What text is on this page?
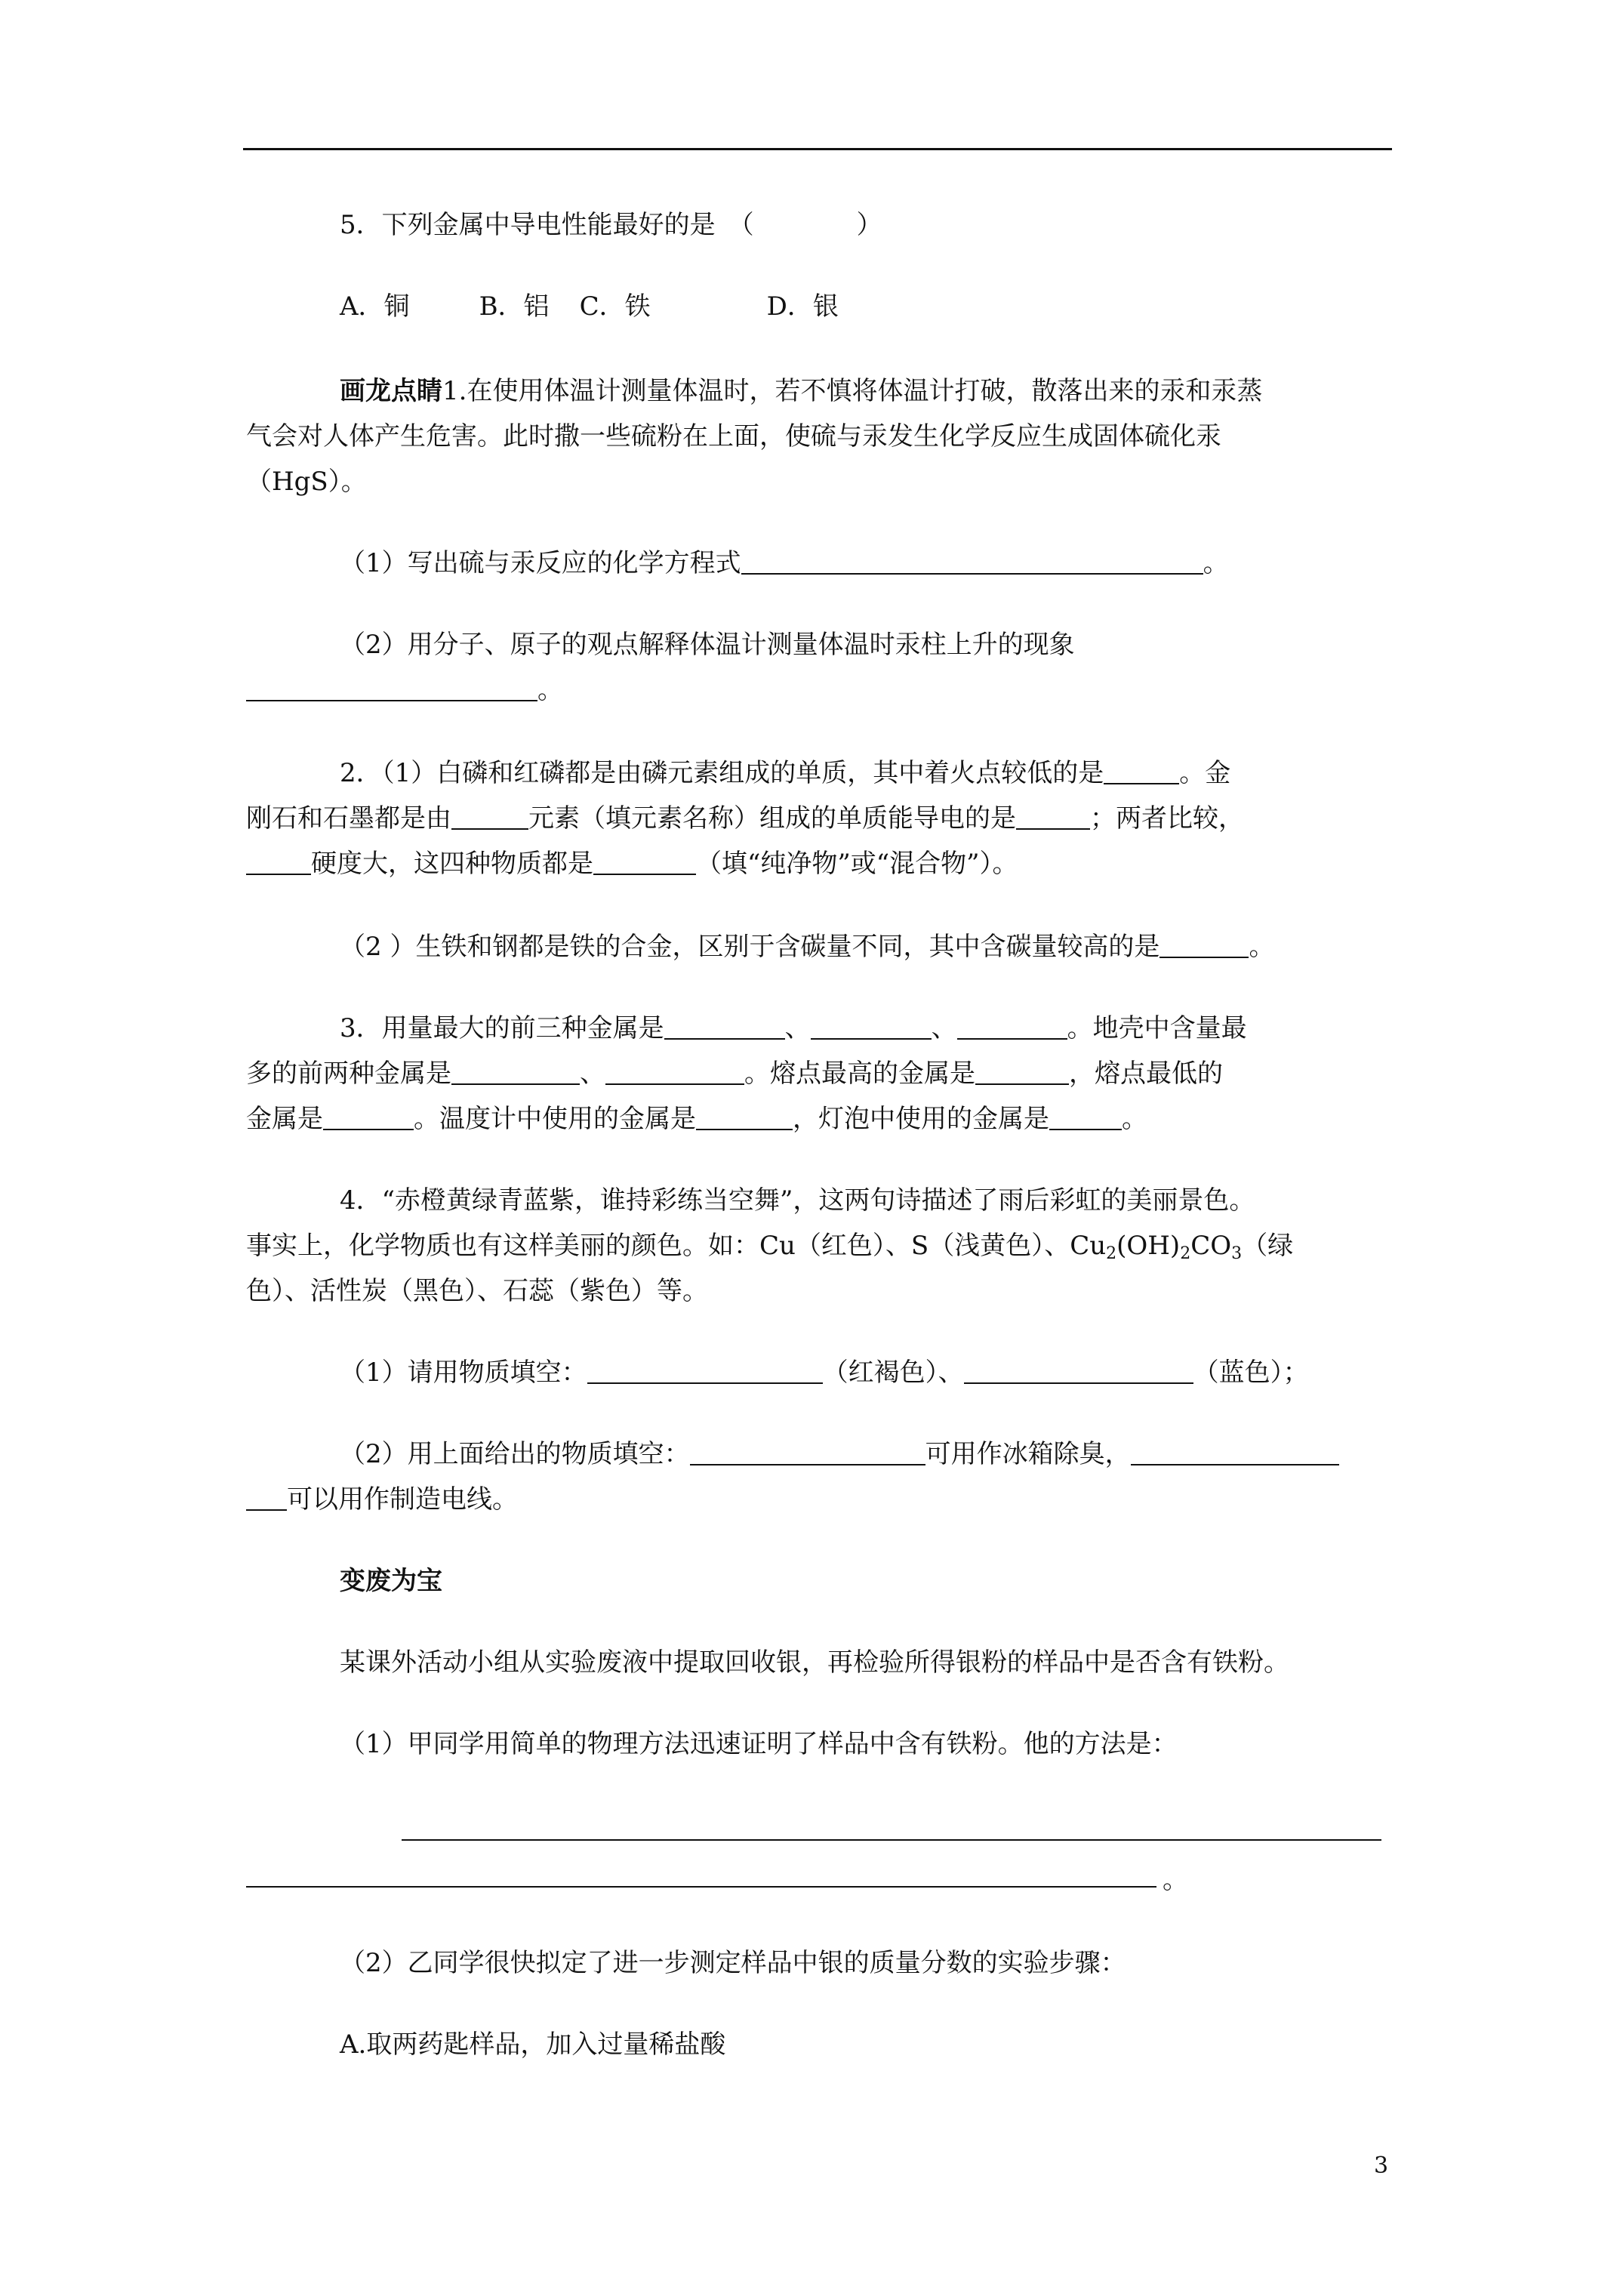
5．下列金属中导电性能最好的是　（　　　　）
A．铜	B．铝 C．铁	D．银
画龙点睛1.在使用体温计测量体温时，若不慎将体温计打破，散落出来的汞和汞蒸
气会对人体产生危害。此时撒一些硫粉在上面，使硫与汞发生化学反应生成固体硫化汞
（HgS）。
（1）写出硫与汞反应的化学方程式	。
（2）用分子、原子的观点解释体温计测量体温时汞柱上升的现象
。
2．（1）白磷和红磷都是由磷元素组成的单质，其中着火点较低的是	。金
刚石和石墨都是由	元素（填元素名称）组成的单质能导电的是	；两者比较，
硬度大，这四种物质都是	（填“纯净物”或“混合物”）。
（2 ）生铁和钢都是铁的合金，区别于含碳量不同，其中含碳量较高的是	。
3．用量最大的前三种金属是	、	、	。地壳中含量最
多的前两种金属是	、	。熔点最高的金属是	，熔点最低的
金属是	。温度计中使用的金属是	，灯泡中使用的金属是	。
4．“赤橙黄绿青蓝紫，谁持彩练当空舞”，这两句诗描述了雨后彩虹的美丽景色。
事实上，化学物质也有这样美丽的颜色。如：Cu（红色）、S（浅黄色）、$Cu_2(OH)_2CO_3$（绿
色）、活性炭（黑色）、石蕊（紫色）等。
（1）请用物质填空：	（红褐色）、	（蓝色）；
（2）用上面给出的物质填空：	可用作冰箱除臭，
可以用作制造电线。
变废为宝
某课外活动小组从实验废液中提取回收银，再检验所得银粉的样品中是否含有铁粉。
（1）甲同学用简单的物理方法迅速证明了样品中含有铁粉。他的方法是：
。
（2）乙同学很快拟定了进一步测定样品中银的质量分数的实验步骤：
A.取两药匙样品，加入过量稀盐酸
3
